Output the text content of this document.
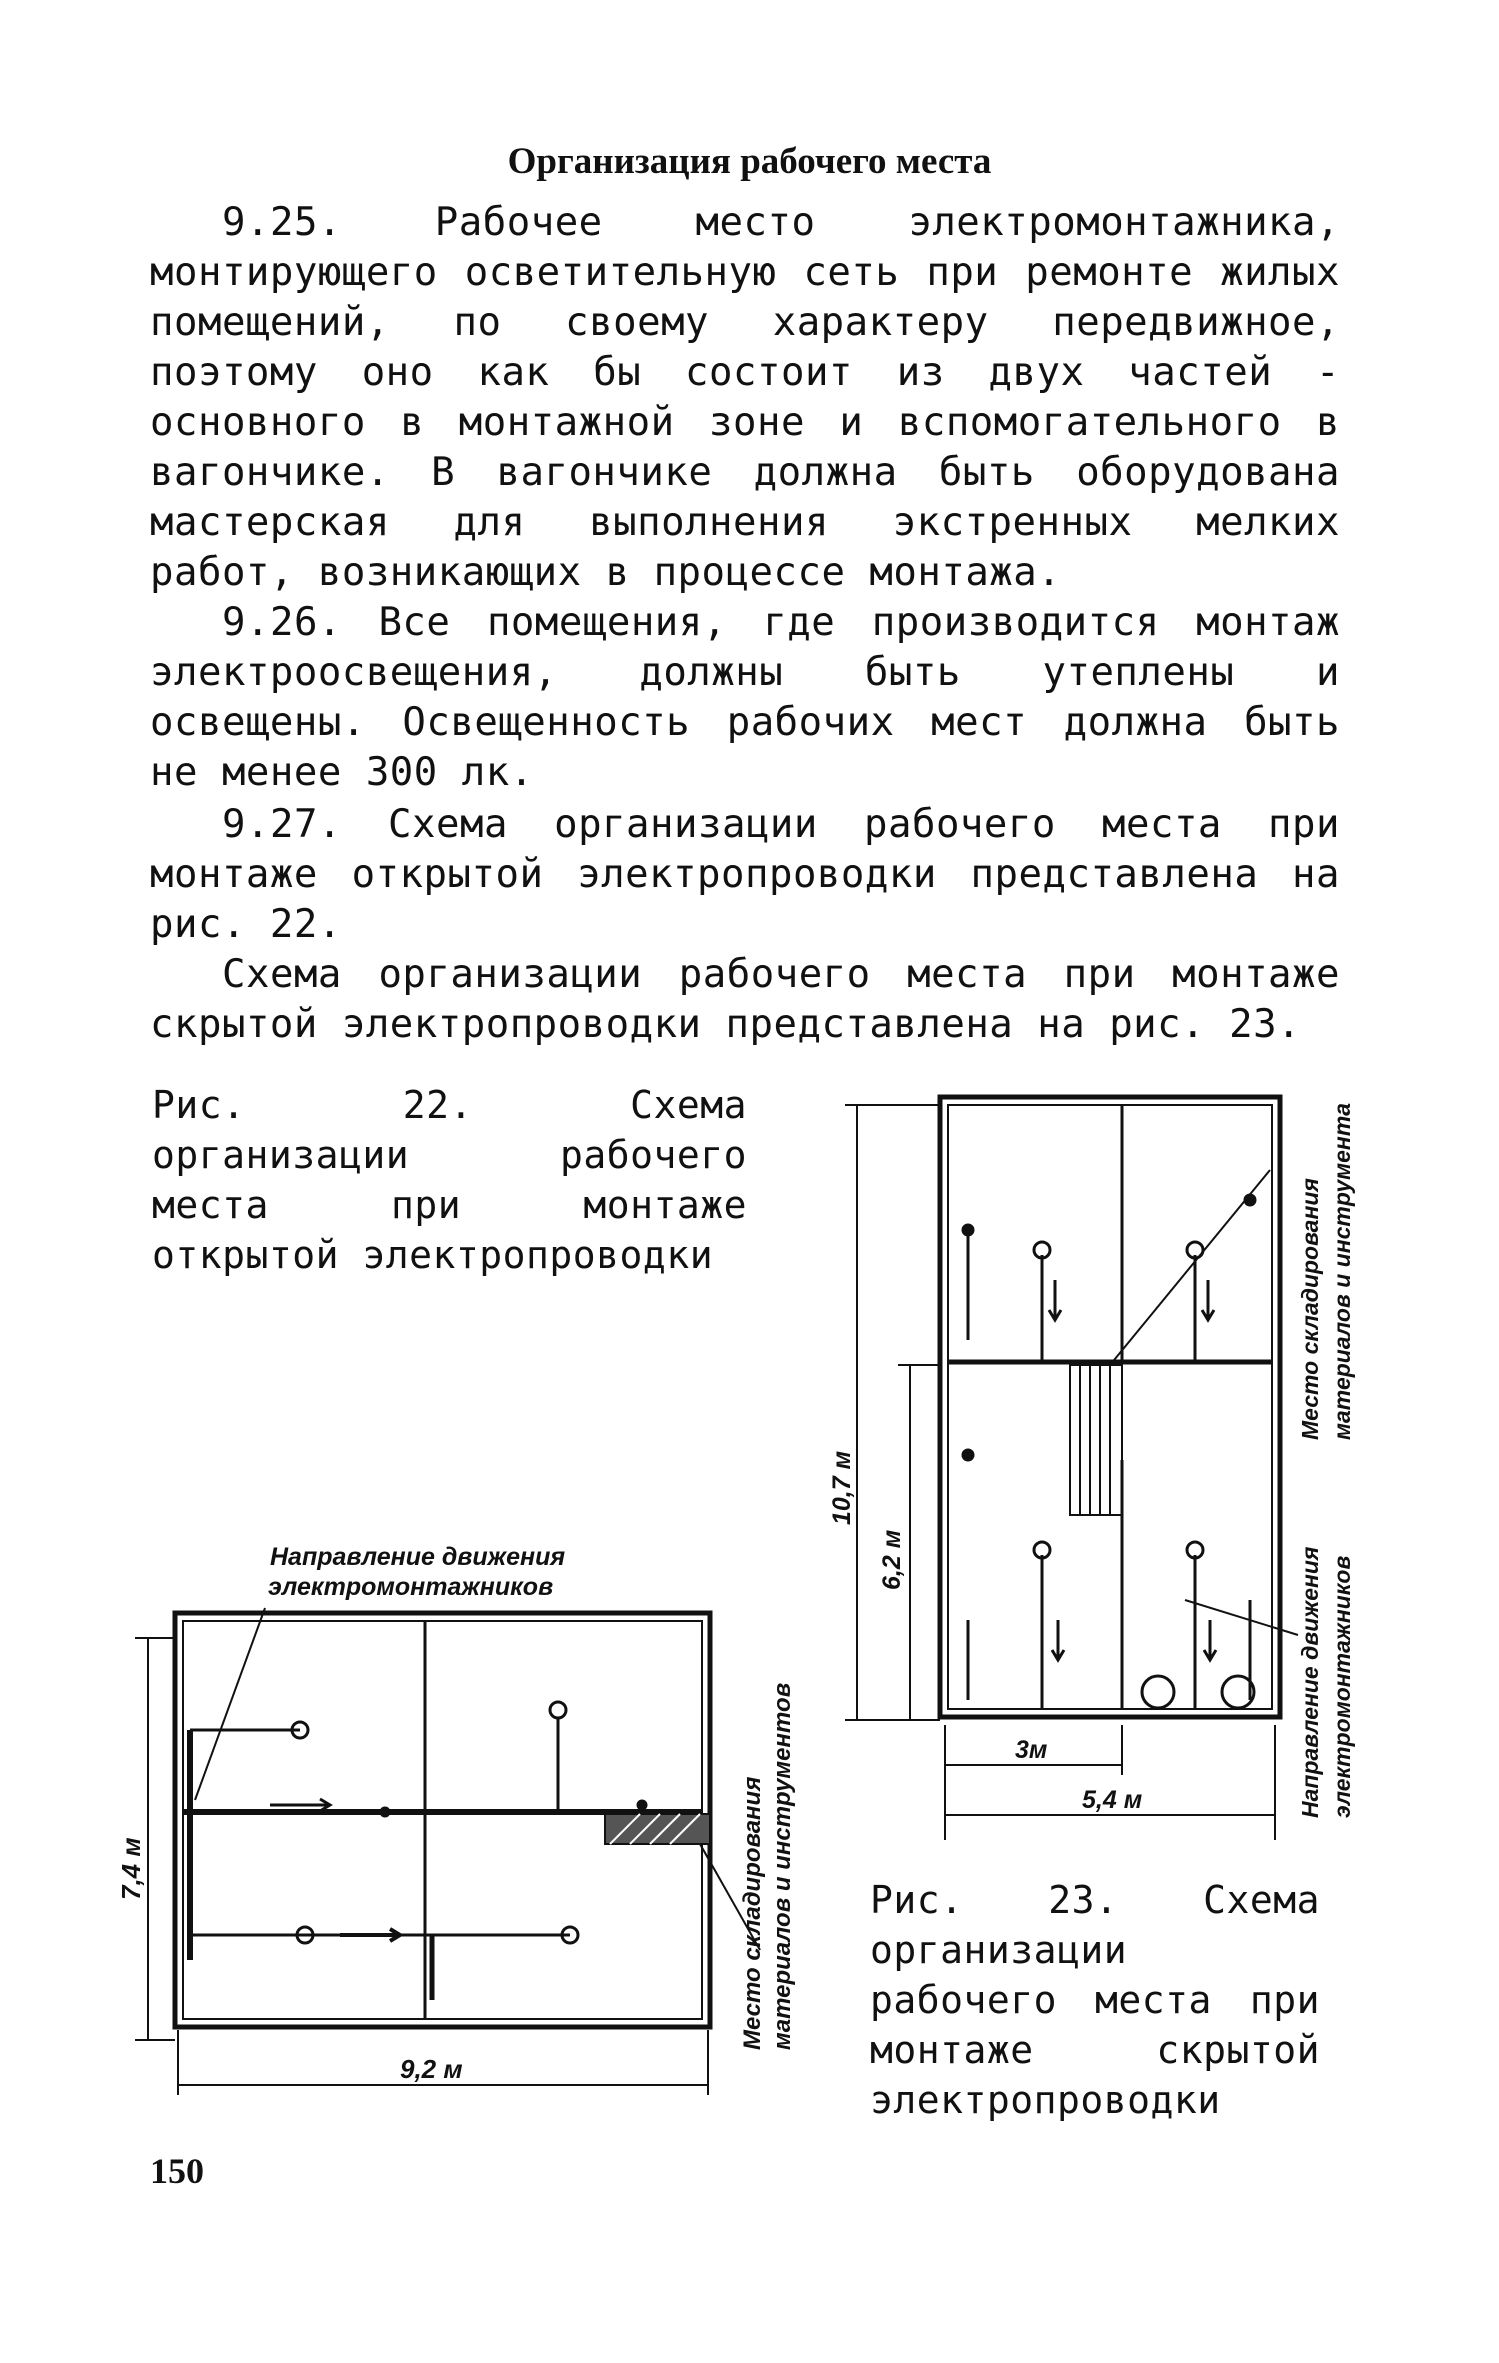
Организация рабочего места

9.25. Рабочее место электромонтажника, монтирующего осветительную сеть при ремонте жилых помещений, по своему характеру передвижное, поэтому оно как бы состоит из двух частей - основного в монтажной зоне и вспомогательного в вагончике. В вагончике должна быть оборудована мастерская для выполнения экстренных мелких работ, возникающих в процессе монтажа.

9.26. Все помещения, где производится монтаж электроосвещения, должны быть утеплены и освещены. Освещенность рабочих мест должна быть не менее 300 лк.

9.27. Схема организации рабочего места при монтаже открытой электропроводки представлена на рис. 22.

Схема организации рабочего места при монтаже скрытой электропроводки представлена на рис. 23.

Рис. 22. Схема организации рабочего места при монтаже открытой электропроводки

Рис. 23. Схема организации рабочего места при монтаже скрытой электропроводки

150
Направление движения
электромонтажников
Место складирования материалов и инструментов
7,4 м
9,2 м
Место складирования материалов и инструмента
Направление движения электромонтажников
10,7 м
6,2 м
3м
5,4 м
